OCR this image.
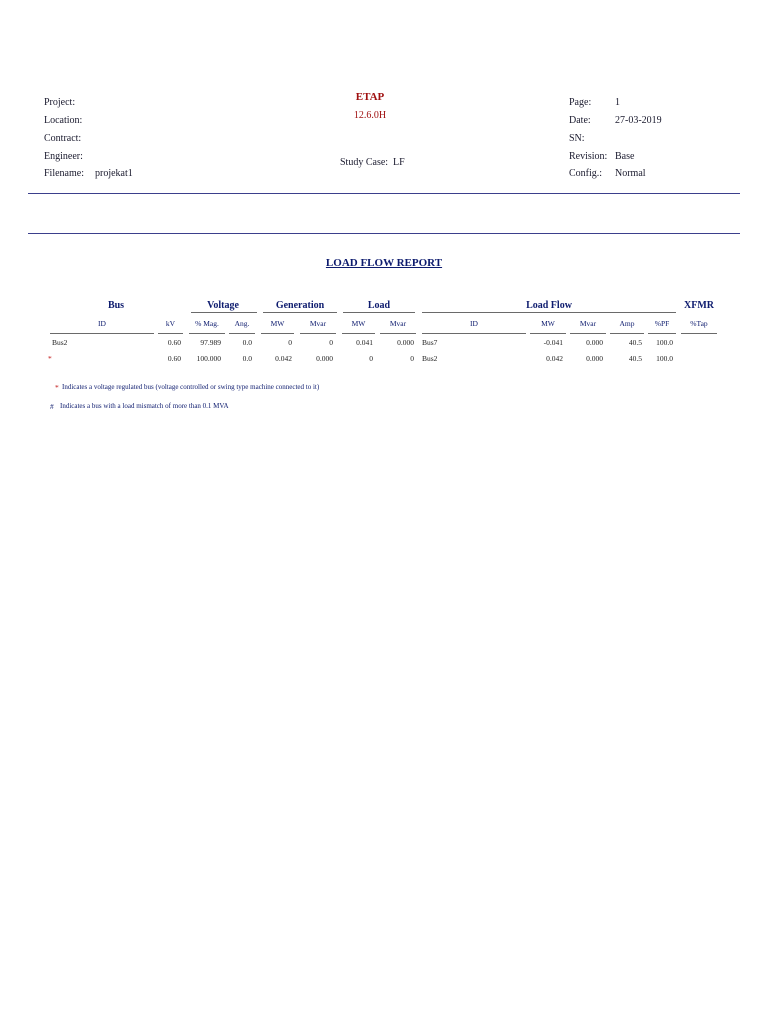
Project:
Location:
Contract:
Engineer:
Filename: projekat1
ETAP
12.6.0H
Study Case: LF
Page:
Date:
SN:
Revision:
Config.:
1
27-03-2019
Base
Normal
LOAD FLOW REPORT
Bus	Voltage	Generation	Load	Load Flow	XFMR
ID	kV	% Mag.	Ang.	MW	Mvar	MW	Mvar	ID	MW	Mvar	Amp	%PF	%Tap
Bus2	0.60	97.989	0.0	0	0	0.041	0.000 Bus7	-0.041	0.000	40.5	100.0
*	0.60	100.000	0.0	0.042	0.000	0	0 Bus2	0.042	0.000	40.5	100.0
* Indicates a voltage regulated bus (voltage controlled or swing type machine connected to it)
# Indicates a bus with a load mismatch of more than 0.1 MVA
